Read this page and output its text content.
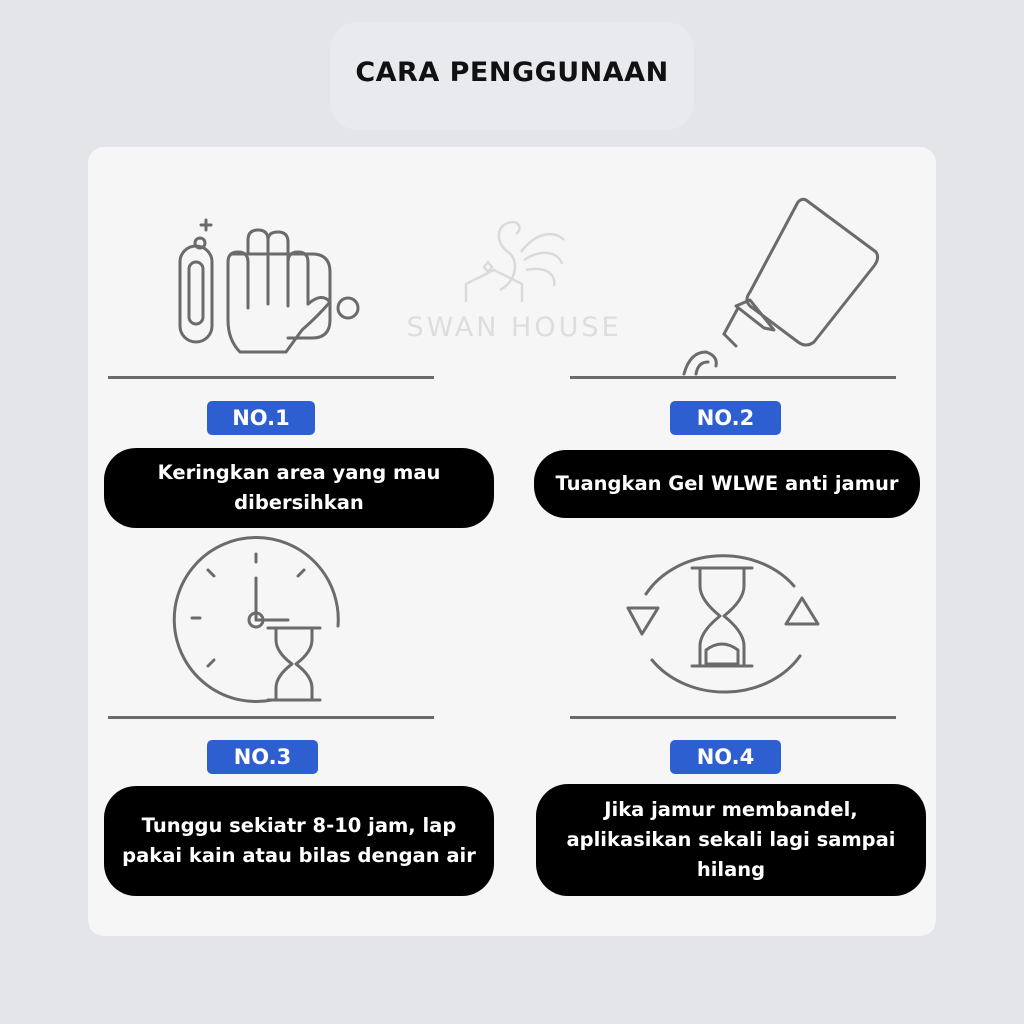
CARA PENGGUNAAN
SWAN HOUSE
NO.1	NO.2
NO.3	NO.4
Keringkan area yang mau
dibersihkan
Tuangkan Gel WLWE anti jamur
Tunggu sekiatr 8-10 jam, lap
pakai kain atau bilas dengan air
Jika jamur membandel,
aplikasikan sekali lagi sampai
hilang
